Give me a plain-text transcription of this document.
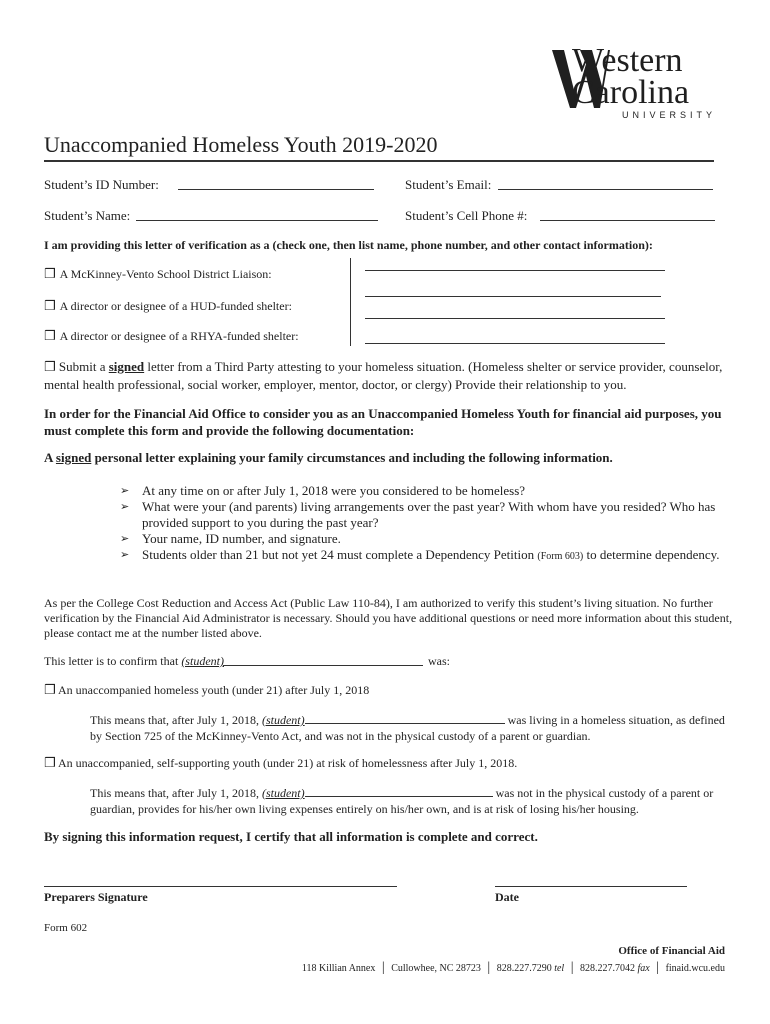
Western
Carolina
UNIVERSITY
Unaccompanied Homeless Youth 2019-2020
Student’s ID Number:	Student’s Email:
Student’s Name:	Student’s Cell Phone #:
I am providing this letter of verification as a (check one, then list name, phone number, and other contact information):
❒ A McKinney-Vento School District Liaison:
❒ A director or designee of a HUD-funded shelter:
❒ A director or designee of a RHYA-funded shelter:
❒ Submit a signed letter from a Third Party attesting to your homeless situation. (Homeless shelter or service provider, counselor, mental health professional, social worker, employer, mentor, doctor, or clergy) Provide their relationship to you.
In order for the Financial Aid Office to consider you as an Unaccompanied Homeless Youth for financial aid purposes, you must complete this form and provide the following documentation:
A signed personal letter explaining your family circumstances and including the following information.
➢ At any time on or after July 1, 2018 were you considered to be homeless?
➢ What were your (and parents) living arrangements over the past year? With whom have you resided? Who has provided support to you during the past year?
➢ Your name, ID number, and signature.
➢ Students older than 21 but not yet 24 must complete a Dependency Petition (Form 603) to determine dependency.
As per the College Cost Reduction and Access Act (Public Law 110-84), I am authorized to verify this student’s living situation. No further verification by the Financial Aid Administrator is necessary. Should you have additional questions or need more information about this student, please contact me at the number listed above.
This letter is to confirm that (student)	was:
❒ An unaccompanied homeless youth (under 21) after July 1, 2018
This means that, after July 1, 2018, (student)	was living in a homeless situation, as defined by Section 725 of the McKinney-Vento Act, and was not in the physical custody of a parent or guardian.
❒ An unaccompanied, self-supporting youth (under 21) at risk of homelessness after July 1, 2018.
This means that, after July 1, 2018, (student)	was not in the physical custody of a parent or guardian, provides for his/her own living expenses entirely on his/her own, and is at risk of losing his/her housing.
By signing this information request, I certify that all information is complete and correct.
Preparers Signature	Date
Form 602
Office of Financial Aid
118 Killian Annex | Cullowhee, NC 28723 | 828.227.7290 tel | 828.227.7042 fax | finaid.wcu.edu
